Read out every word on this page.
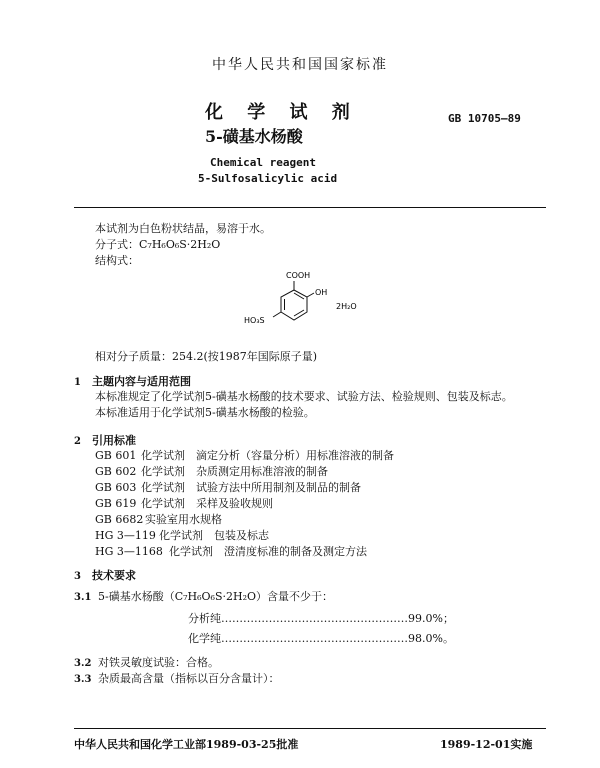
中华人民共和国国家标准
化 学 试 剂
5-磺基水杨酸
GB 10705—89
Chemical reagent
5-Sulfosalicylic acid
本试剂为白色粉状结晶，易溶于水。
分子式：C₇H₆O₆S·2H₂O
结构式：
COOH
OH
HO₃S
2H₂O
相对分子质量：254.2(按1987年国际原子量)
1 主题内容与适用范围
本标准规定了化学试剂5-磺基水杨酸的技术要求、试验方法、检验规则、包装及标志。
本标准适用于化学试剂5-磺基水杨酸的检验。
2 引用标准
GB 601 化学试剂　滴定分析（容量分析）用标准溶液的制备
GB 602 化学试剂　杂质测定用标准溶液的制备
GB 603 化学试剂　试验方法中所用制剂及制品的制备
GB 619 化学试剂　采样及验收规则
GB 6682 实验室用水规格
HG 3—119 化学试剂　包装及标志
HG 3—1168 化学试剂　澄清度标准的制备及测定方法
3 技术要求
3.1 5-磺基水杨酸（C₇H₆O₆S·2H₂O）含量不少于：
分析纯……………………………………………99.0%；
化学纯……………………………………………98.0%。
3.2 对铁灵敏度试验：合格。
3.3 杂质最高含量（指标以百分含量计）：
中华人民共和国化学工业部1989-03-25批准	1989-12-01实施
